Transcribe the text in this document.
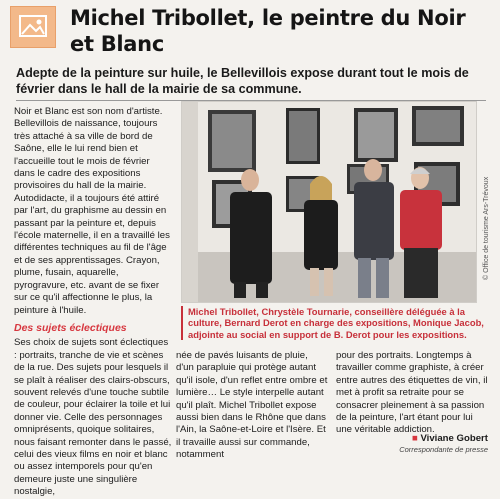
Michel Tribollet, le peintre du Noir et Blanc
Adepte de la peinture sur huile, le Bellevillois expose durant tout le mois de février dans le hall de la mairie de sa commune.

Noir et Blanc est son nom d'artiste. Bellevillois de naissance, toujours très attaché à sa ville de bord de Saône, elle le lui rend bien et l'accueille tout le mois de février dans le cadre des expositions provisoires du hall de la mairie. Autodidacte, il a toujours été attiré par l'art, du graphisme au dessin en passant par la peinture et, depuis l'école maternelle, il en a travaillé les différentes techniques au fil de l'âge et de ses apprentissages. Crayon, plume, fusain, aquarelle, pyrogravure, etc. avant de se fixer sur ce qu'il affectionne le plus, la peinture à l'huile.

Des sujets éclectiques

Ses choix de sujets sont éclectiques : portraits, tranche de vie et scènes de la rue. Des sujets pour lesquels il se plaît à réaliser des clairs-obscurs, souvent relevés d'une touche subtile de couleur, pour éclairer la toile et lui donner vie. Celle des personnages omniprésents, quoique solitaires, nous faisant remonter dans le passé, celui des vieux films en noir et blanc ou assez intemporels pour qu'en demeure juste une singulière nostalgie,

© Office de tourisme Ars-Trévoux
Michel Tribollet, Chrystèle Tournarie, conseillère déléguée à la culture, Bernard Derot en charge des expositions, Monique Jacob, adjointe au social en support de B. Derot pour les expositions.

née de pavés luisants de pluie, d'un parapluie qui protège autant qu'il isole, d'un reflet entre ombre et lumière… Le style interpelle autant qu'il plaît. Michel Tribollet expose aussi bien dans le Rhône que dans l'Ain, la Saône-et-Loire et l'Isère. Et il travaille aussi sur commande, notamment

pour des portraits. Longtemps à travailler comme graphiste, à créer entre autres des étiquettes de vin, il met à profit sa retraite pour se consacrer pleinement à sa passion de la peinture, l'art étant pour lui une véritable addiction.

■ Viviane Gobert
Correspondante de presse
